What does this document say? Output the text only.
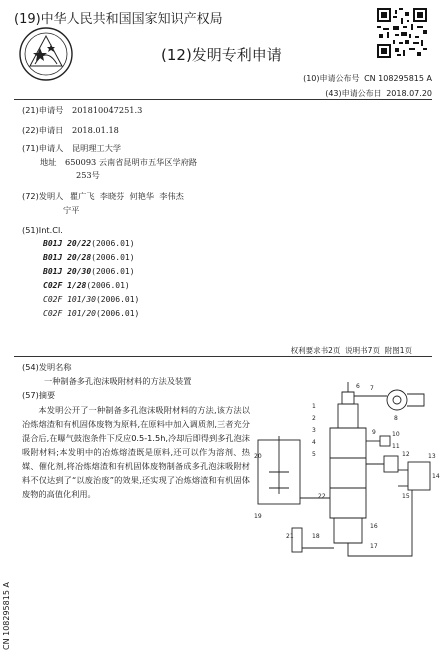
(19)中华人民共和国国家知识产权局
(12)发明专利申请
(10)申请公布号 CN 108295815 A
(43)申请公布日 2018.07.20
(21)申请号 201810047251.3
(22)申请日 2018.01.18
(71)申请人 昆明理工大学
地址 650093 云南省昆明市五华区学府路
253号
(72)发明人 瞿广飞  李晓芬  何艳华  李伟杰
宁平
(51)Int.Cl.
B01J 20/22(2006.01)
B01J 20/28(2006.01)
B01J 20/30(2006.01)
C02F 1/28(2006.01)
C02F 101/30(2006.01)
C02F 101/20(2006.01)
权利要求书2页  说明书7页  附图1页
(54)发明名称
一种制备多孔泡沫吸附材料的方法及装置
(57)摘要
本发明公开了一种制备多孔泡沫吸附材料的方法,该方法以冶炼熔渣和有机固体废物为原料,在原料中加入调质剂,三者充分混合后,在曝气鼓泡条件下反应0.5-1.5h,冷却后即得到多孔泡沫吸附材料;本发明中的冶炼熔渣既是原料,还可以作为溶剂、热媒、催化剂,将冶炼熔渣和有机固体废物制备成多孔泡沫吸附材料不仅达到了“以废治废”的效果,还实现了冶炼熔渣和有机固体废物的高值化利用。
1
2
3
4
5
6 7
8
9	10
11
12	13
14
15
16
17
18
19
20
21
22
CN 108295815 A
